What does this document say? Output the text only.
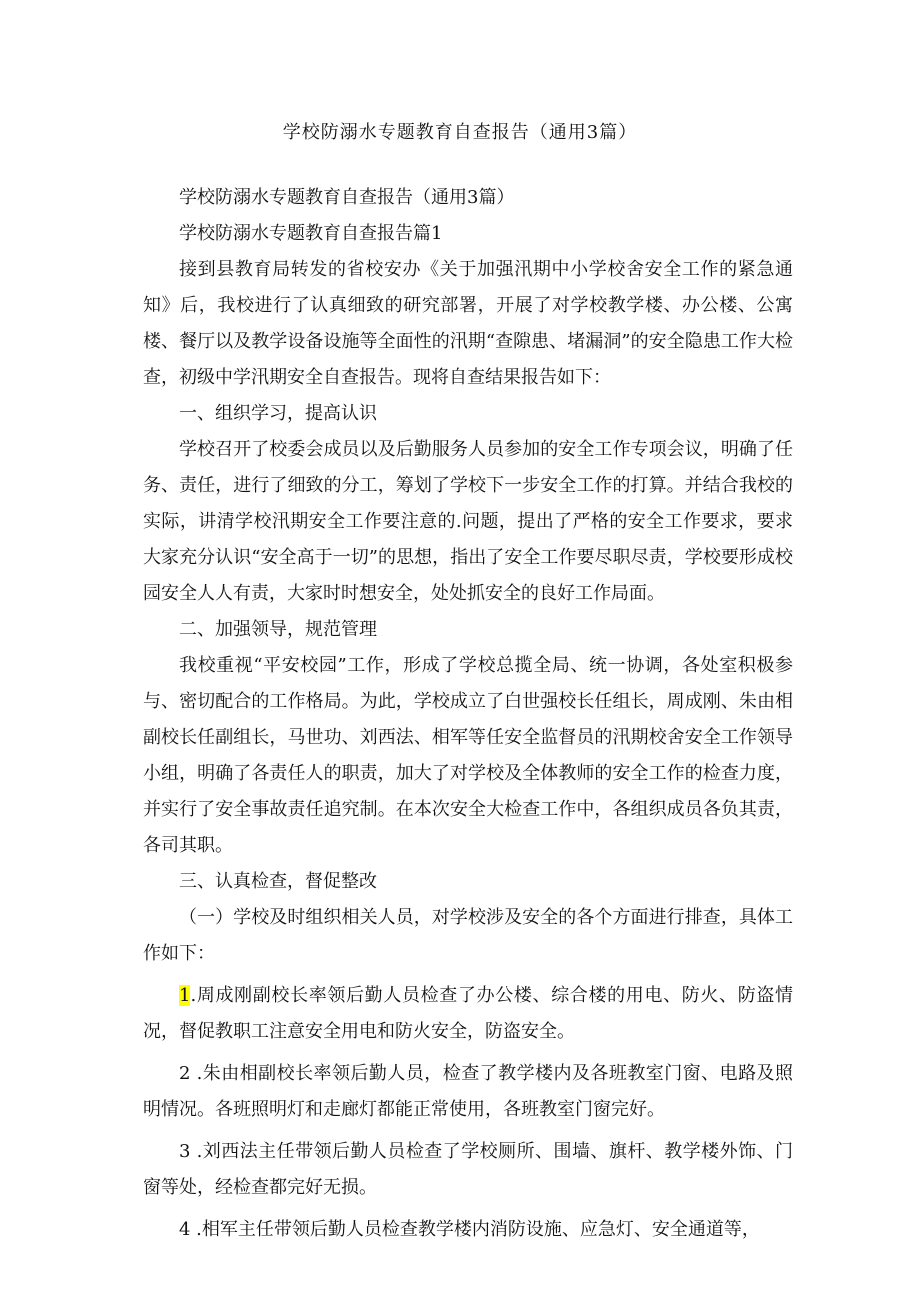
学校防溺水专题教育自查报告（通用3篇）

学校防溺水专题教育自查报告（通用3篇）

学校防溺水专题教育自查报告篇1

接到县教育局转发的省校安办《关于加强汛期中小学校舍安全工作的紧急通知》后，我校进行了认真细致的研究部署，开展了对学校教学楼、办公楼、公寓楼、餐厅以及教学设备设施等全面性的汛期“查隙患、堵漏洞”的安全隐患工作大检查，初级中学汛期安全自查报告。现将自查结果报告如下：

一、组织学习，提高认识

学校召开了校委会成员以及后勤服务人员参加的安全工作专项会议，明确了任务、责任，进行了细致的分工，筹划了学校下一步安全工作的打算。并结合我校的实际，讲清学校汛期安全工作要注意的.问题，提出了严格的安全工作要求，要求大家充分认识“安全高于一切”的思想，指出了安全工作要尽职尽责，学校要形成校园安全人人有责，大家时时想安全，处处抓安全的良好工作局面。

二、加强领导，规范管理

我校重视“平安校园”工作，形成了学校总揽全局、统一协调，各处室积极参与、密切配合的工作格局。为此，学校成立了白世强校长任组长，周成刚、朱由相副校长任副组长，马世功、刘西法、相军等任安全监督员的汛期校舍安全工作领导小组，明确了各责任人的职责，加大了对学校及全体教师的安全工作的检查力度，并实行了安全事故责任追究制。在本次安全大检查工作中，各组织成员各负其责，各司其职。

三、认真检查，督促整改

（一）学校及时组织相关人员，对学校涉及安全的各个方面进行排查，具体工作如下：

1.周成刚副校长率领后勤人员检查了办公楼、综合楼的用电、防火、防盗情况，督促教职工注意安全用电和防火安全，防盗安全。

2 .朱由相副校长率领后勤人员，检查了教学楼内及各班教室门窗、电路及照明情况。各班照明灯和走廊灯都能正常使用，各班教室门窗完好。

3 .刘西法主任带领后勤人员检查了学校厕所、围墙、旗杆、教学楼外饰、门窗等处，经检查都完好无损。

4 .相军主任带领后勤人员检查教学楼内消防设施、应急灯、安全通道等，
